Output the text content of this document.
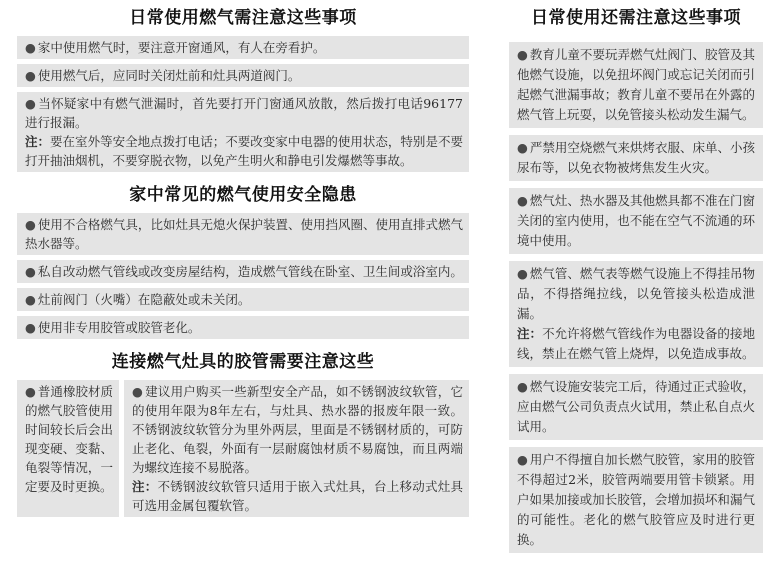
日常使用燃气需注意这些事项
● 家中使用燃气时，要注意开窗通风，有人在旁看护。
● 使用燃气后，应同时关闭灶前和灶具两道阀门。
● 当怀疑家中有燃气泄漏时，首先要打开门窗通风放散，然后拨打电话96177进行报漏。
注：要在室外等安全地点拨打电话；不要改变家中电器的使用状态，特别是不要打开抽油烟机，不要穿脱衣物，以免产生明火和静电引发爆燃等事故。
家中常见的燃气使用安全隐患
● 使用不合格燃气具，比如灶具无熄火保护装置、使用挡风圈、使用直排式燃气热水器等。
● 私自改动燃气管线或改变房屋结构，造成燃气管线在卧室、卫生间或浴室内。
● 灶前阀门（火嘴）在隐蔽处或未关闭。
● 使用非专用胶管或胶管老化。
连接燃气灶具的胶管需要注意这些
● 普通橡胶材质的燃气胶管使用时间较长后会出现变硬、变黏、龟裂等情况，一定要及时更换。
● 建议用户购买一些新型安全产品，如不锈钢波纹软管，它的使用年限为8年左右，与灶具、热水器的报废年限一致。不锈钢波纹软管分为里外两层，里面是不锈钢材质的，可防止老化、龟裂，外面有一层耐腐蚀材质不易腐蚀，而且两端为螺纹连接不易脱落。
注：不锈钢波纹软管只适用于嵌入式灶具，台上移动式灶具可选用金属包覆软管。
日常使用还需注意这些事项
● 教育儿童不要玩弄燃气灶阀门、胶管及其他燃气设施，以免扭坏阀门或忘记关闭而引起燃气泄漏事故；教育儿童不要吊在外露的燃气管上玩耍，以免管接头松动发生漏气。
● 严禁用空烧燃气来烘烤衣服、床单、小孩尿布等，以免衣物被烤焦发生火灾。
● 燃气灶、热水器及其他燃具都不准在门窗关闭的室内使用，也不能在空气不流通的环境中使用。
● 燃气管、燃气表等燃气设施上不得挂吊物品，不得搭绳拉线，以免管接头松造成泄漏。
注：不允许将燃气管线作为电器设备的接地线，禁止在燃气管上烧焊，以免造成事故。
● 燃气设施安装完工后，待通过正式验收，应由燃气公司负责点火试用，禁止私自点火试用。
● 用户不得擅自加长燃气胶管，家用的胶管不得超过2米，胶管两端要用管卡锁紧。用户如果加接或加长胶管，会增加损坏和漏气的可能性。老化的燃气胶管应及时进行更换。
